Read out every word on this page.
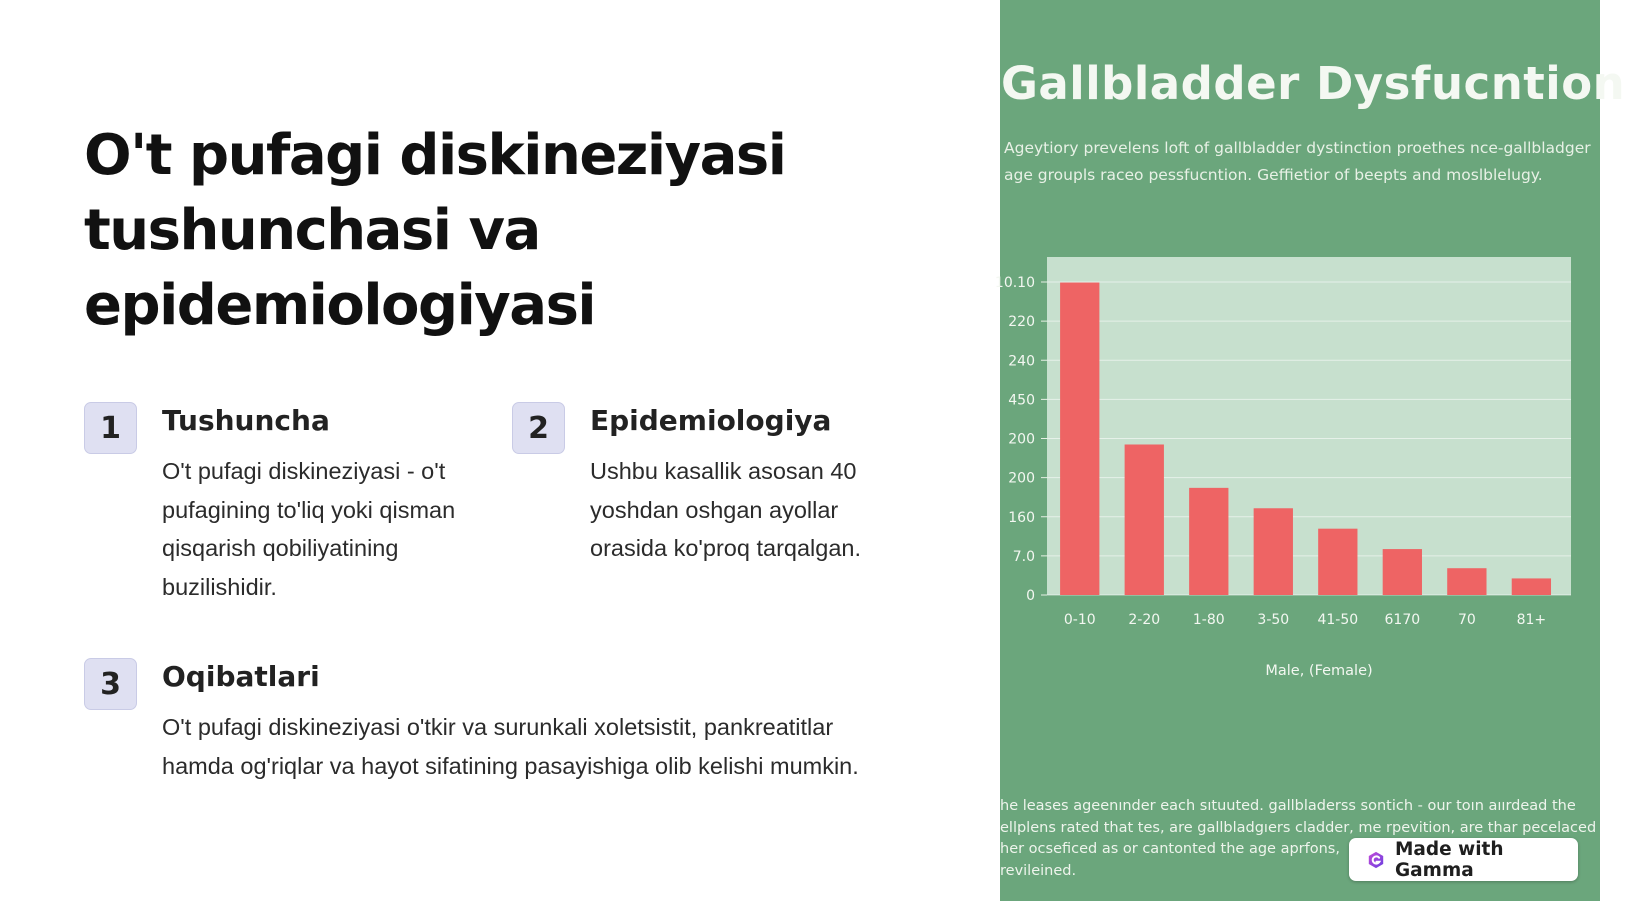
O't pufagi diskineziyasi tushunchasi va epidemiologiyasi
1	Tushuncha

O't pufagi diskineziyasi - o't pufagining to'liq yoki qisman qisqarish qobiliyatining buzilishidir.

2	Epidemiologiya

Ushbu kasallik asosan 40 yoshdan oshgan ayollar orasida ko'proq tarqalgan.

3	Oqibatlari

O't pufagi diskineziyasi o'tkir va surunkali xoletsistit, pankreatitlar hamda og'riqlar va hayot sifatining pasayishiga olib kelishi mumkin.

Gallbladder Dysfucntion

Ageytiory prevelens loft of gallbladder dystinction proethes nce-gallbladger age groupls raceo pessfucntion. Geffietior of beepts and moslblelugy.

10.10
220
240
450
200
200
160
7.0
0
0-10 2-20 1-80 3-50 41-50 6170	70	81+
Male, (Female)

he leases ageenınder each sıtuuted. gallbladerss sontich - our toın aıırdead the
ellplens rated that tes, are gallbladgıers cladder, me rpevition, are thar pecelaced
her ocseficed as or cantonted the age aprfons,
revileined.

Made with Gamma
